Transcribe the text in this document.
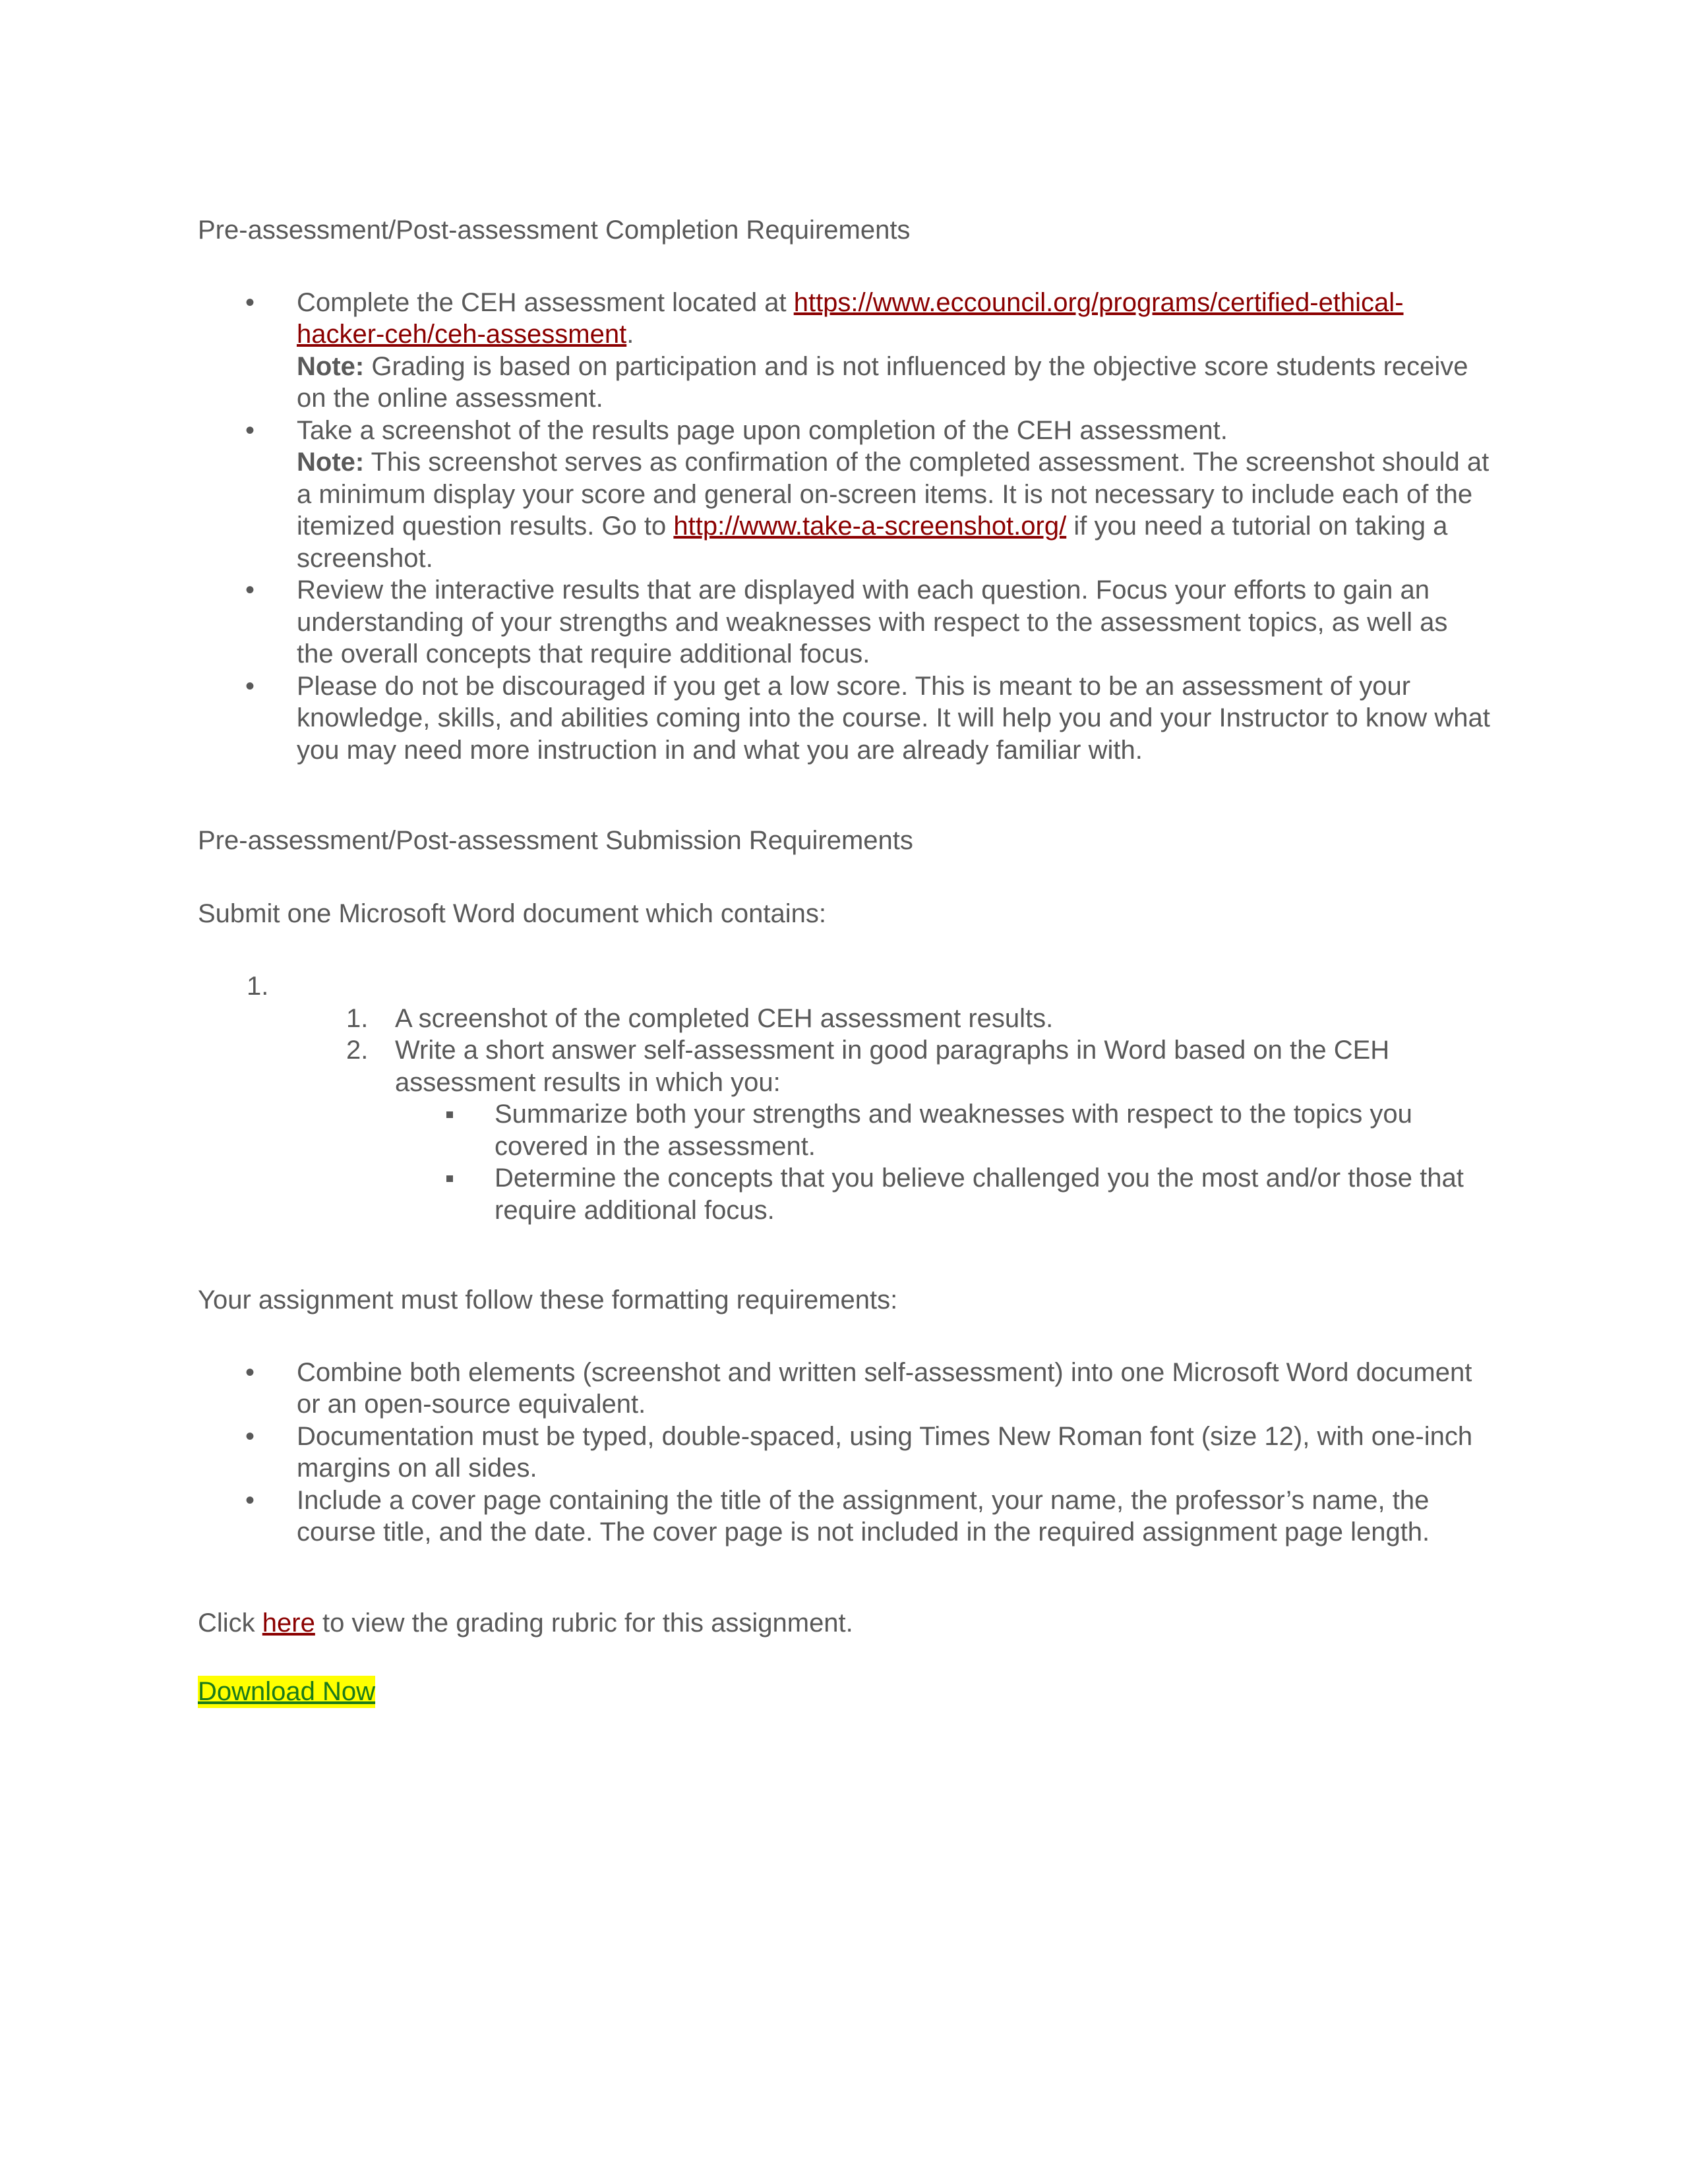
Pre-assessment/Post-assessment Completion Requirements

• Complete the CEH assessment located at https://www.eccouncil.org/programs/certified-ethical-
hacker-ceh/ceh-assessment.
Note: Grading is based on participation and is not influenced by the objective score students receive on the online assessment.
• Take a screenshot of the results page upon completion of the CEH assessment.
Note: This screenshot serves as confirmation of the completed assessment. The screenshot should at a minimum display your score and general on-screen items. It is not necessary to include each of the itemized question results. Go to http://www.take-a-screenshot.org/ if you need a tutorial on taking a screenshot.
• Review the interactive results that are displayed with each question. Focus your efforts to gain an understanding of your strengths and weaknesses with respect to the assessment topics, as well as the overall concepts that require additional focus.
• Please do not be discouraged if you get a low score. This is meant to be an assessment of your knowledge, skills, and abilities coming into the course. It will help you and your Instructor to know what you may need more instruction in and what you are already familiar with.

Pre-assessment/Post-assessment Submission Requirements

Submit one Microsoft Word document which contains:

1.
1. A screenshot of the completed CEH assessment results.
2. Write a short answer self-assessment in good paragraphs in Word based on the CEH assessment results in which you:
Summarize both your strengths and weaknesses with respect to the topics you covered in the assessment.
Determine the concepts that you believe challenged you the most and/or those that require additional focus.

Your assignment must follow these formatting requirements:

• Combine both elements (screenshot and written self-assessment) into one Microsoft Word document or an open-source equivalent.
• Documentation must be typed, double-spaced, using Times New Roman font (size 12), with one-inch margins on all sides.
• Include a cover page containing the title of the assignment, your name, the professor’s name, the course title, and the date. The cover page is not included in the required assignment page length.

Click here to view the grading rubric for this assignment.

Download Now
